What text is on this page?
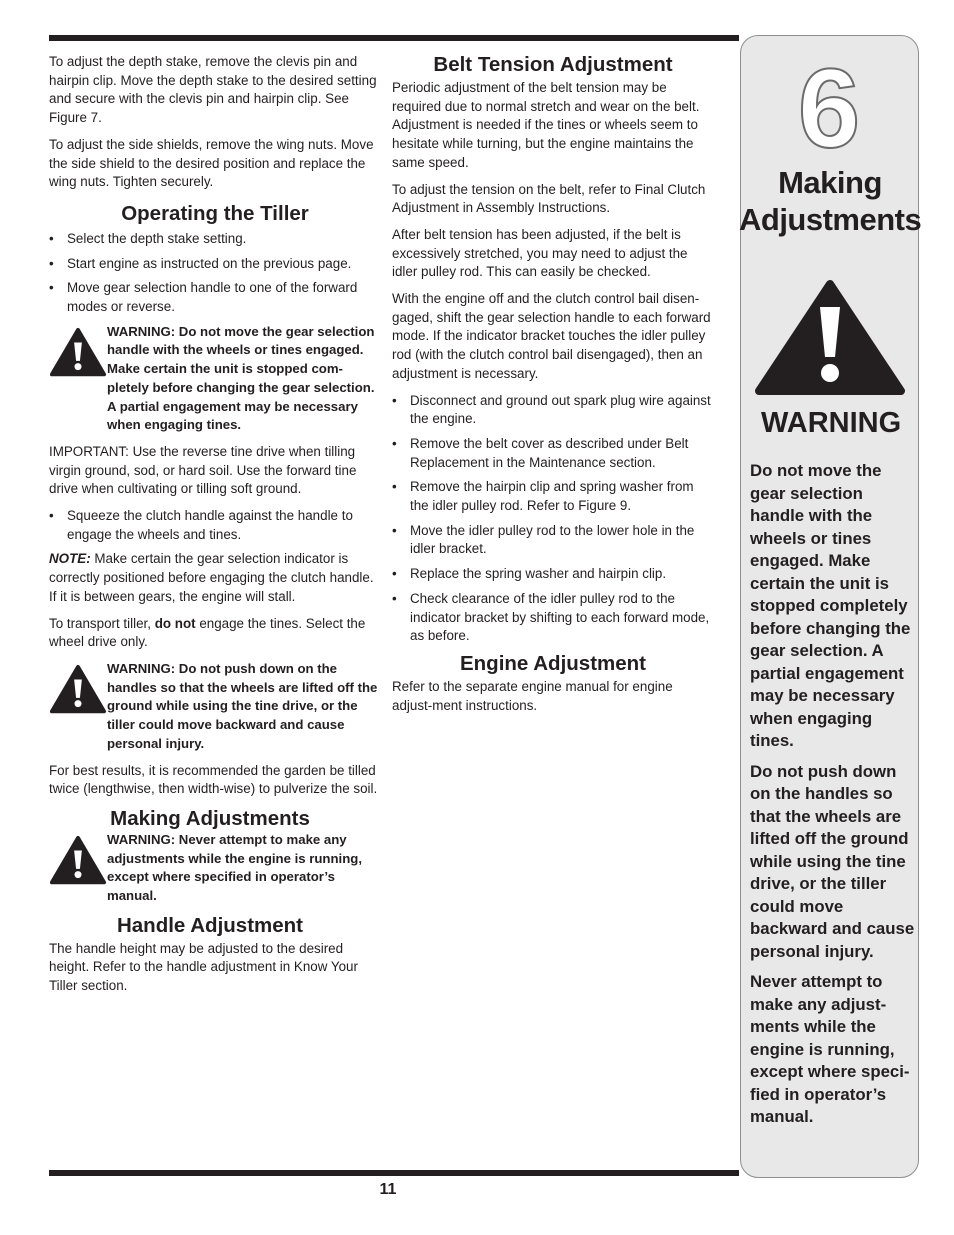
To adjust the depth stake, remove the clevis pin and hairpin clip. Move the depth stake to the desired setting and secure with the clevis pin and hairpin clip. See Figure 7.

To adjust the side shields, remove the wing nuts. Move the side shield to the desired position and replace the wing nuts. Tighten securely.

Operating the Tiller
• Select the depth stake setting.
• Start engine as instructed on the previous page.
• Move gear selection handle to one of the forward modes or reverse.
WARNING: Do not move the gear selection handle with the wheels or tines engaged. Make certain the unit is stopped com-pletely before changing the gear selection. A partial engagement may be necessary when engaging tines.

IMPORTANT: Use the reverse tine drive when tilling virgin ground, sod, or hard soil. Use the forward tine drive when cultivating or tilling soft ground.

• Squeeze the clutch handle against the handle to engage the wheels and tines.

NOTE: Make certain the gear selection indicator is correctly positioned before engaging the clutch handle. If it is between gears, the engine will stall.

To transport tiller, do not engage the tines. Select the wheel drive only.

WARNING: Do not push down on the handles so that the wheels are lifted off the ground while using the tine drive, or the tiller could move backward and cause personal injury.

For best results, it is recommended the garden be tilled twice (lengthwise, then width-wise) to pulverize the soil.

Making Adjustments
WARNING: Never attempt to make any adjustments while the engine is running, except where specified in operator’s manual.
Handle Adjustment

The handle height may be adjusted to the desired height. Refer to the handle adjustment in Know Your Tiller section.

Belt Tension Adjustment

Periodic adjustment of the belt tension may be required due to normal stretch and wear on the belt. Adjustment is needed if the tines or wheels seem to hesitate while turning, but the engine maintains the same speed.

To adjust the tension on the belt, refer to Final Clutch Adjustment in Assembly Instructions.

After belt tension has been adjusted, if the belt is excessively stretched, you may need to adjust the idler pulley rod. This can easily be checked.

With the engine off and the clutch control bail disen-gaged, shift the gear selection handle to each forward mode. If the indicator bracket touches the idler pulley rod (with the clutch control bail disengaged), then an adjustment is necessary.

• Disconnect and ground out spark plug wire against the engine.
• Remove the belt cover as described under Belt Replacement in the Maintenance section.
• Remove the hairpin clip and spring washer from the idler pulley rod. Refer to Figure 9.
• Move the idler pulley rod to the lower hole in the idler bracket.
• Replace the spring washer and hairpin clip.
• Check clearance of the idler pulley rod to the indicator bracket by shifting to each forward mode, as before.
Engine Adjustment

Refer to the separate engine manual for engine adjust-ment instructions.

6
Making
Adjustments
WARNING

Do not move the gear selection handle with the wheels or tines engaged. Make certain the unit is stopped completely before changing the gear selection. A partial engagement may be necessary when engaging tines.

Do not push down on the handles so that the wheels are lifted off the ground while using the tine drive, or the tiller could move backward and cause personal injury.

Never attempt to make any adjust-ments while the engine is running, except where speci-fied in operator’s manual.

11
